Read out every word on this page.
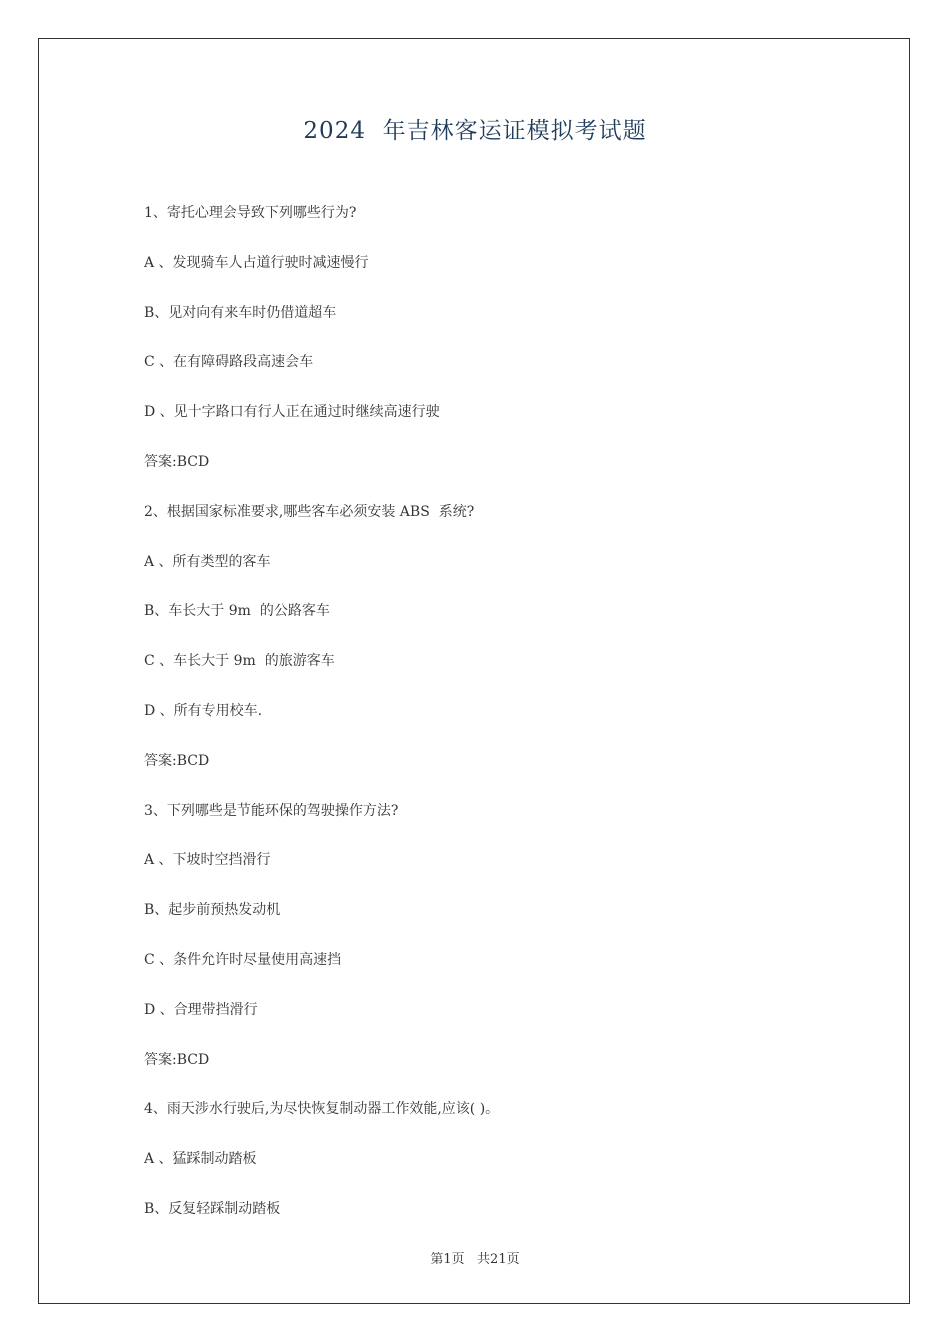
2024  年吉林客运证模拟考试题
1、寄托心理会导致下列哪些行为?
A 、发现骑车人占道行驶时减速慢行
B、见对向有来车时仍借道超车
C 、在有障碍路段高速会车
D 、见十字路口有行人正在通过时继续高速行驶
答案:BCD
2、根据国家标准要求,哪些客车必须安装 ABS  系统?
A 、所有类型的客车
B、车长大于 9m  的公路客车
C 、车长大于 9m  的旅游客车
D 、所有专用校车.
答案:BCD
3、下列哪些是节能环保的驾驶操作方法?
A 、下坡时空挡滑行
B、起步前预热发动机
C 、条件允许时尽量使用高速挡
D 、合理带挡滑行
答案:BCD
4、雨天涉水行驶后,为尽快恢复制动器工作效能,应该( )。
A 、猛踩制动踏板
B、反复轻踩制动踏板
第1页   共21页
